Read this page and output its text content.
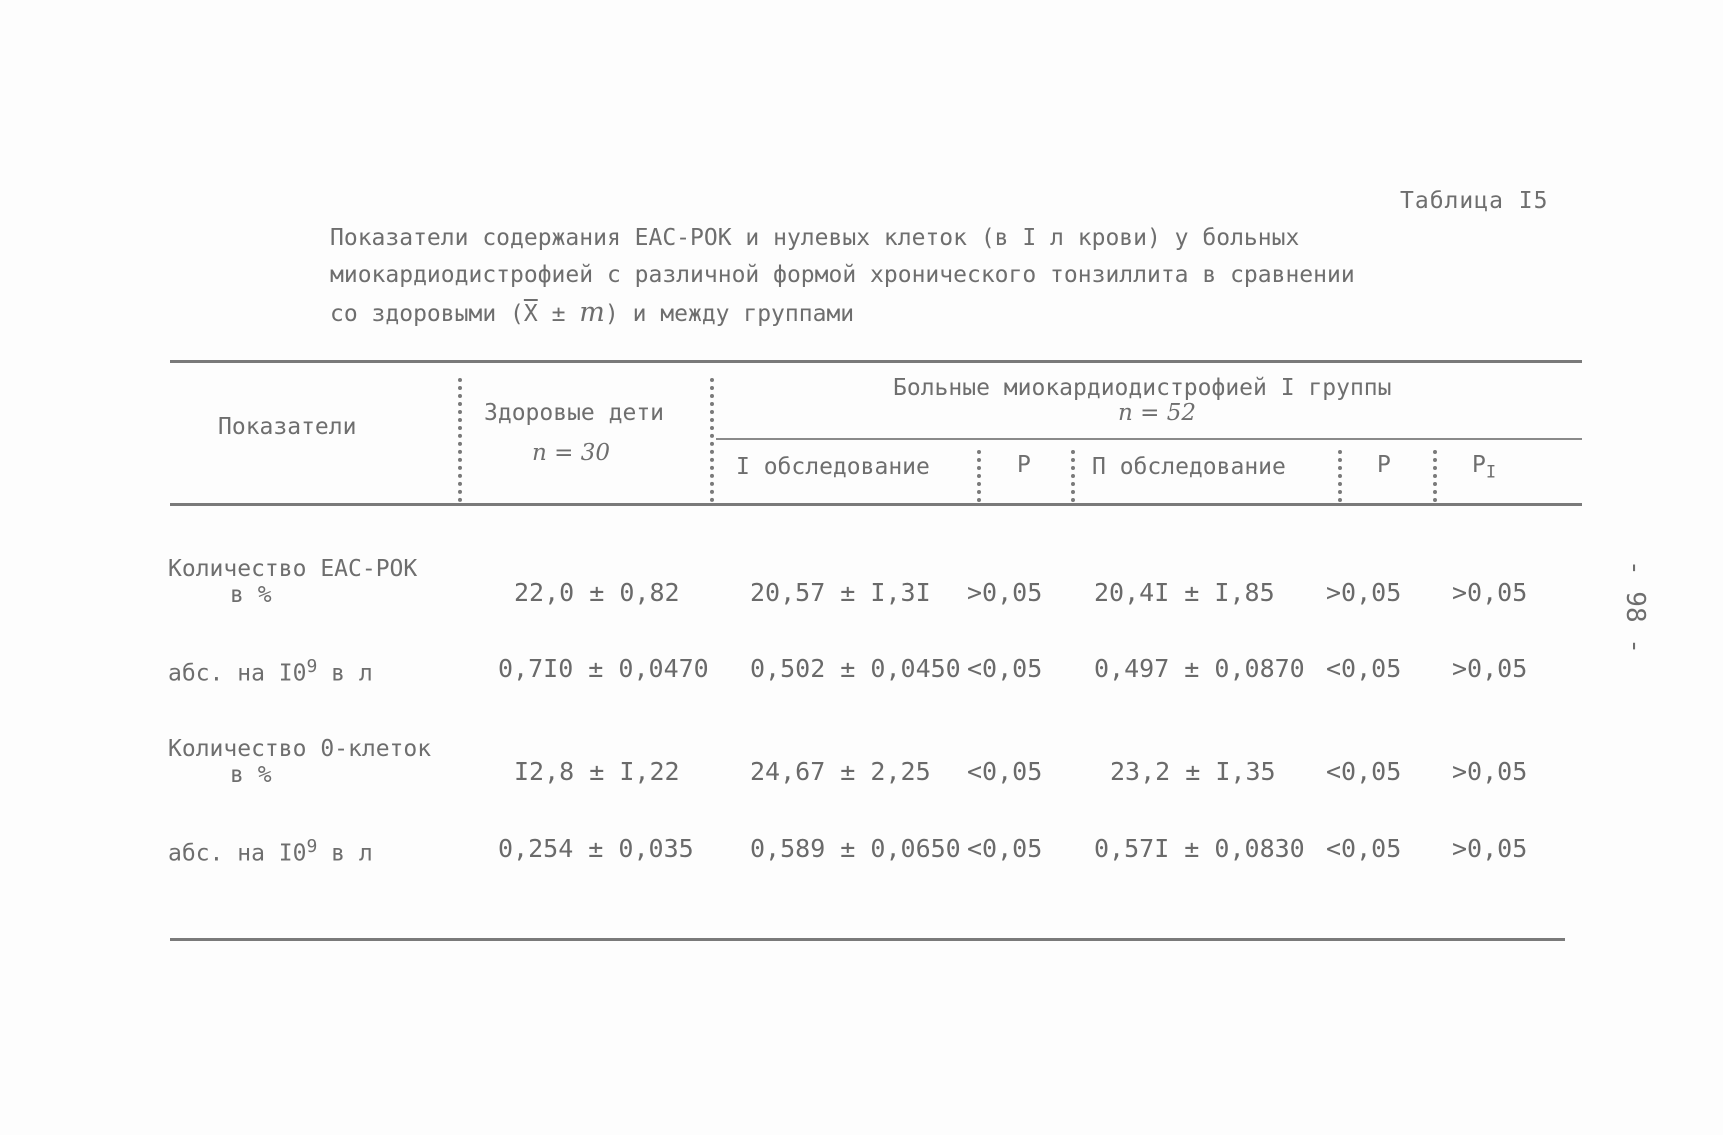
Таблица I5
Показатели содержания ЕАС-РОК и нулевых клеток (в I л крови) у больных
миокардиодистрофией с различной формой хронического тонзиллита в сравнении
со здоровыми $(\overline{X} \pm m)$ и между группами
Показатели
Здоровые дети
n = 30
Больные миокардиодистрофией I группы
n = 52
I обследование	Р	П обследование	Р	$Р_I$
Количество ЕАС-РОК
в %	22,0 ± 0,82	20,57 ± I,3I >0,05 20,4I ± I,85 >0,05 >0,05
абс. на $I0^9$ в л	0,7I0 ± 0,0470 0,502 ± 0,0450 <0,05 0,497 ± 0,0870 <0,05 >0,05
Количество 0-клеток
в %	I2,8 ± I,22	24,67 ± 2,25 <0,05	23,2 ± I,35 <0,05 >0,05
абс. на $I0^9$ в л	0,254 ± 0,035 0,589 ± 0,0650 <0,05 0,57I ± 0,0830 <0,05 >0,05
- 98 -
